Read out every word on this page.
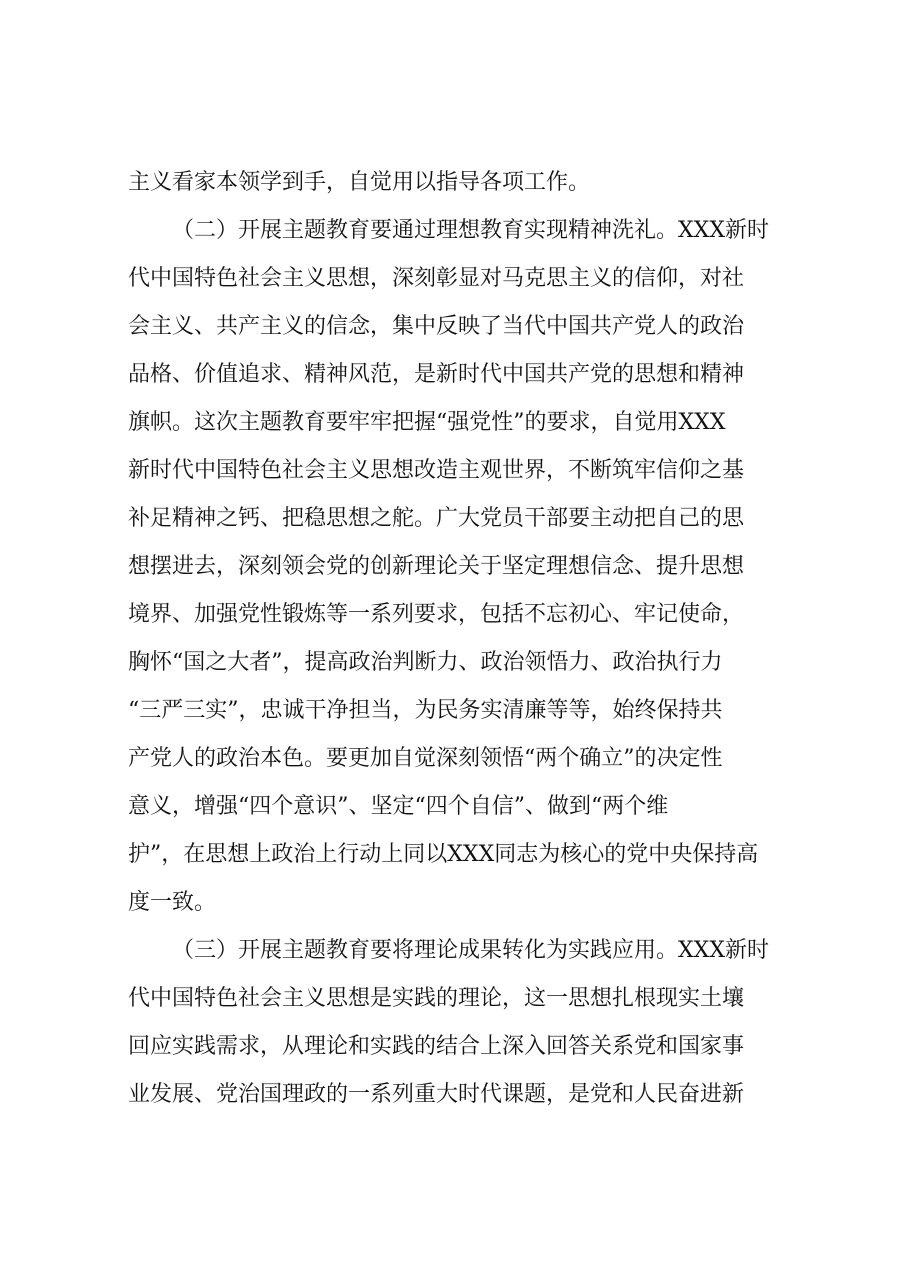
主义看家本领学到手，自觉用以指导各项工作。
（二）开展主题教育要通过理想教育实现精神洗礼。XXX新时
代中国特色社会主义思想，深刻彰显对马克思主义的信仰，对社
会主义、共产主义的信念，集中反映了当代中国共产党人的政治
品格、价值追求、精神风范，是新时代中国共产党的思想和精神
旗帜。这次主题教育要牢牢把握“强党性”的要求，自觉用XXX
新时代中国特色社会主义思想改造主观世界，不断筑牢信仰之基
补足精神之钙、把稳思想之舵。广大党员干部要主动把自己的思
想摆进去，深刻领会党的创新理论关于坚定理想信念、提升思想
境界、加强党性锻炼等一系列要求，包括不忘初心、牢记使命，
胸怀“国之大者”，提高政治判断力、政治领悟力、政治执行力
“三严三实”，忠诚干净担当，为民务实清廉等等，始终保持共
产党人的政治本色。要更加自觉深刻领悟“两个确立”的决定性
意义，增强“四个意识”、坚定“四个自信”、做到“两个维
护”，在思想上政治上行动上同以XXX同志为核心的党中央保持高
度一致。
（三）开展主题教育要将理论成果转化为实践应用。XXX新时
代中国特色社会主义思想是实践的理论，这一思想扎根现实土壤
回应实践需求，从理论和实践的结合上深入回答关系党和国家事
业发展、党治国理政的一系列重大时代课题，是党和人民奋进新
